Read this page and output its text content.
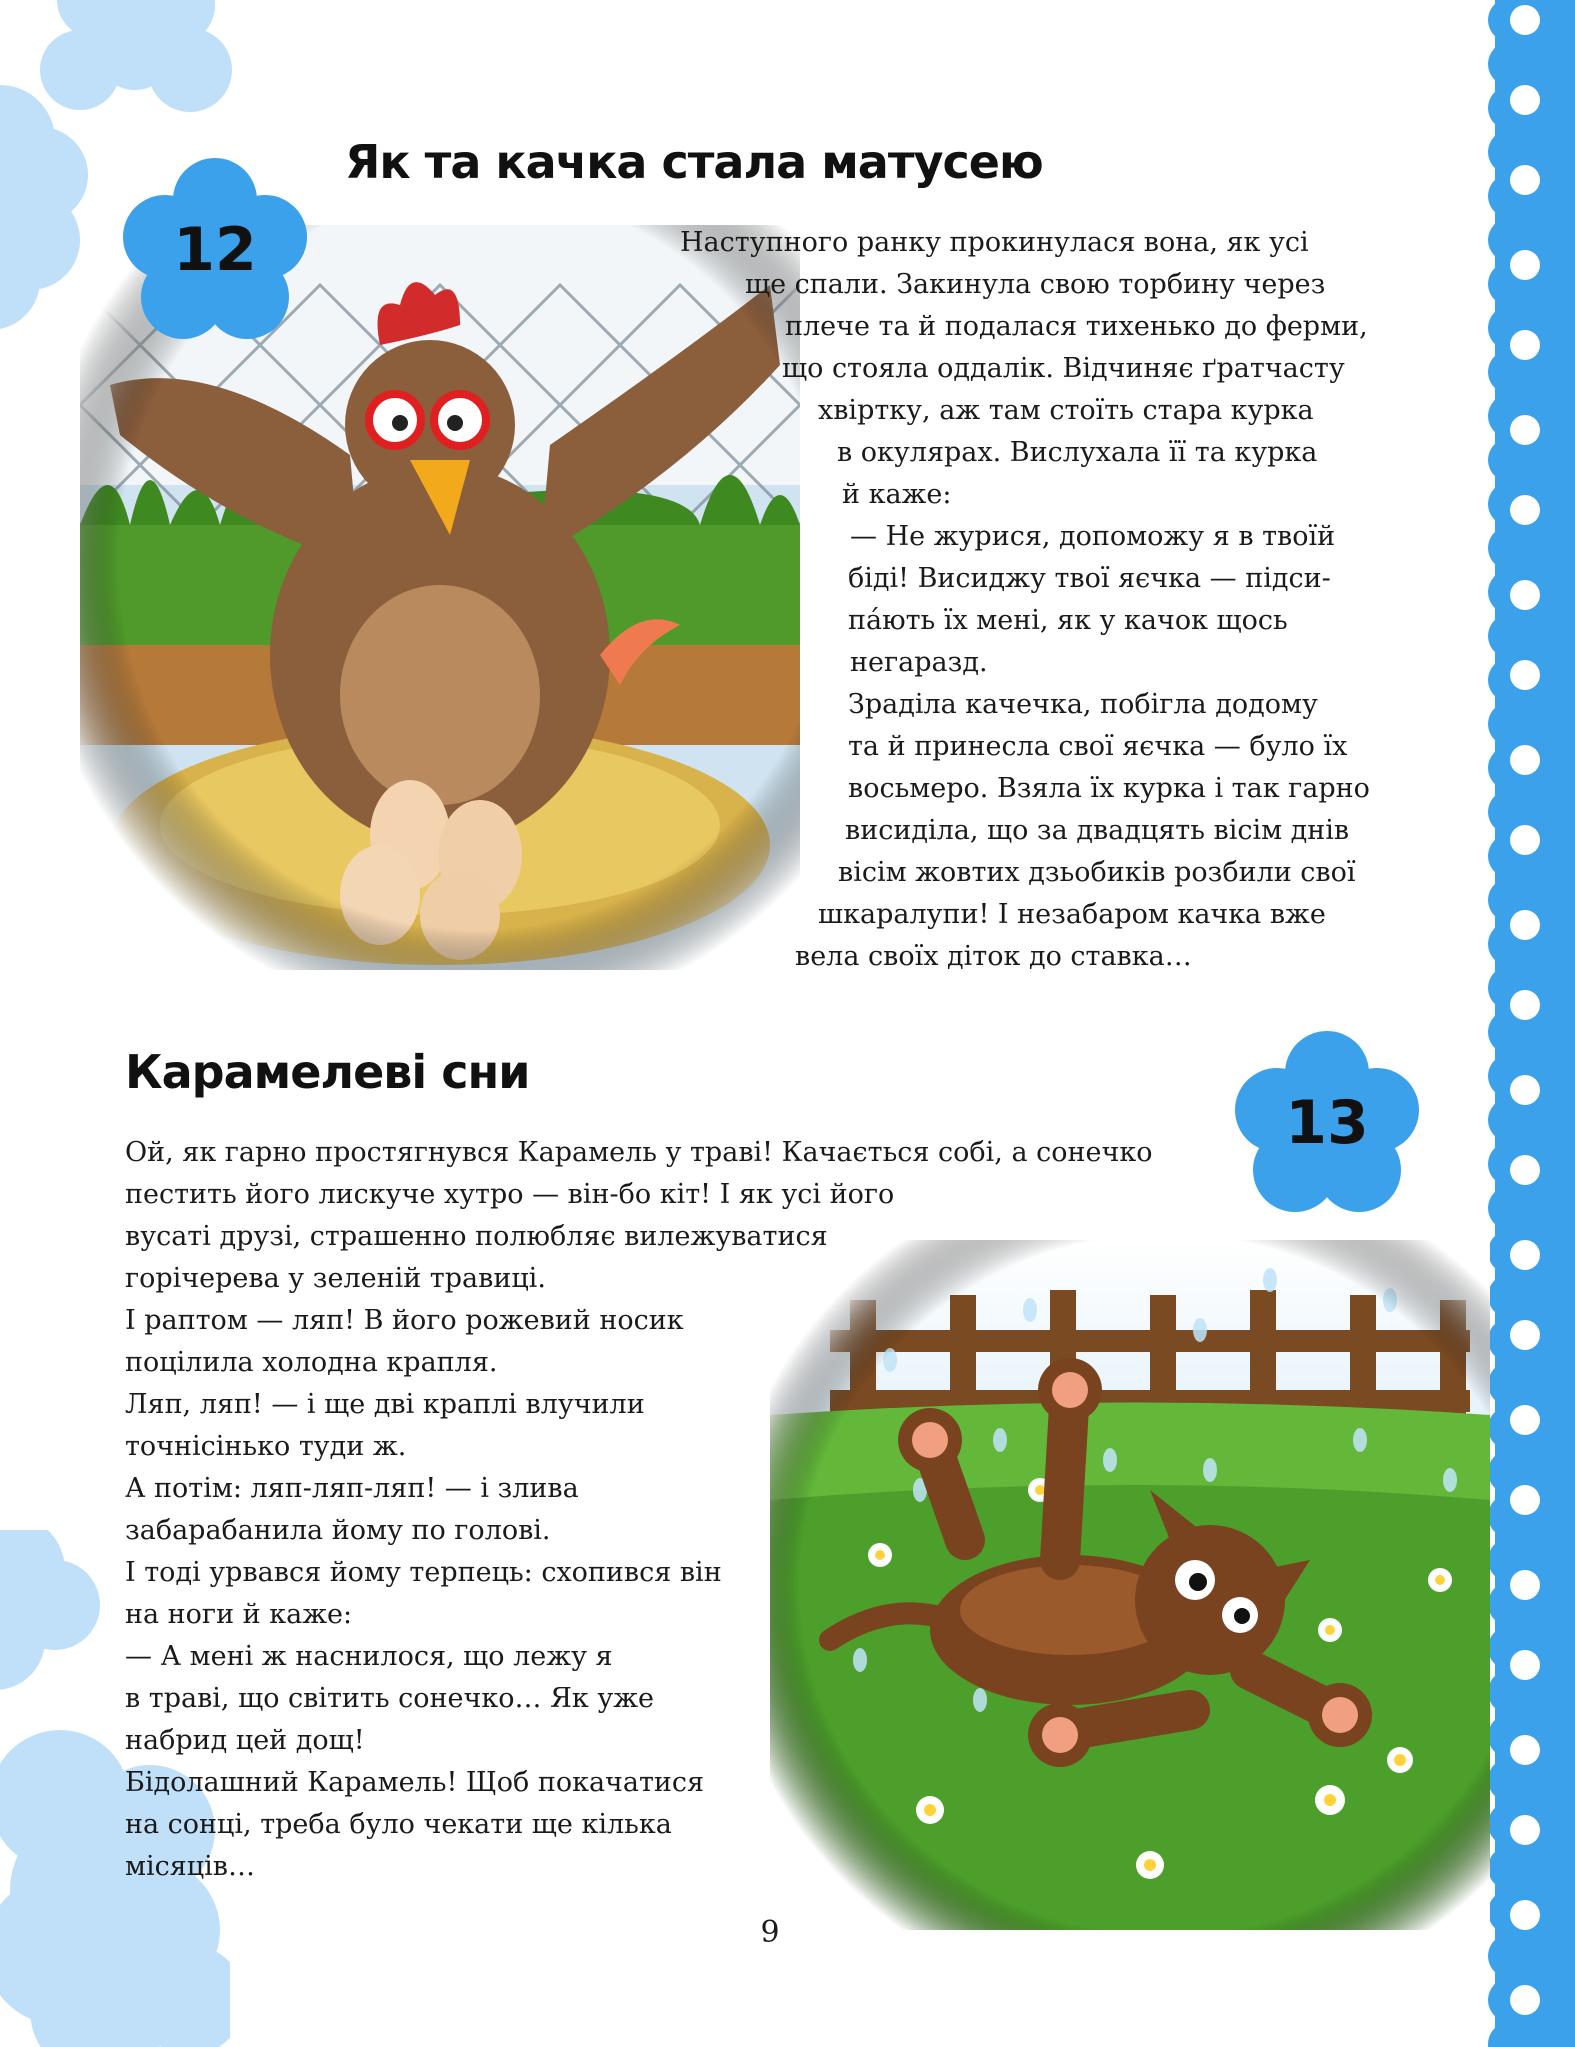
Як та качка стала матусею
12	Наступного ранку прокинулася вона, як усі
ще спали. Закинула свою торбину через
плече та й подалася тихенько до ферми,
що стояла оддалік. Відчиняє ґратчасту
хвіртку, аж там стоїть стара курка
в окулярах. Вислухала її та курка
й каже:
— Не журися, допоможу я в твоїй
біді! Висиджу твої яєчка — підси-
па́ють їх мені, як у качок щось
негаразд.
Зраділа качечка, побігла додому
та й принесла свої яєчка — було їх
восьмеро. Взяла їх курка і так гарно
висиділа, що за двадцять вісім днів
вісім жовтих дзьобиків розбили свої
шкаралупи! І незабаром качка вже
вела своїх діток до ставка…
Карамелеві сни
13
Ой, як гарно простягнувся Карамель у траві! Качається собі, а сонечко
пестить його лискуче хутро — він-бо кіт! І як усі його
вусаті друзі, страшенно полюбляє вилежуватися
горічерева у зеленій травиці.
І раптом — ляп! В його рожевий носик
поцілила холодна крапля.
Ляп, ляп! — і ще дві краплі влучили
точнісінько туди ж.
А потім: ляп-ляп-ляп! — і злива
забарабанила йому по голові.
І тоді урвався йому терпець: схопився він
на ноги й каже:
— А мені ж наснилося, що лежу я
в траві, що світить сонечко… Як уже
набрид цей дощ!
Бідолашний Карамель! Щоб покачатися
на сонці, треба було чекати ще кілька
місяців…
9
